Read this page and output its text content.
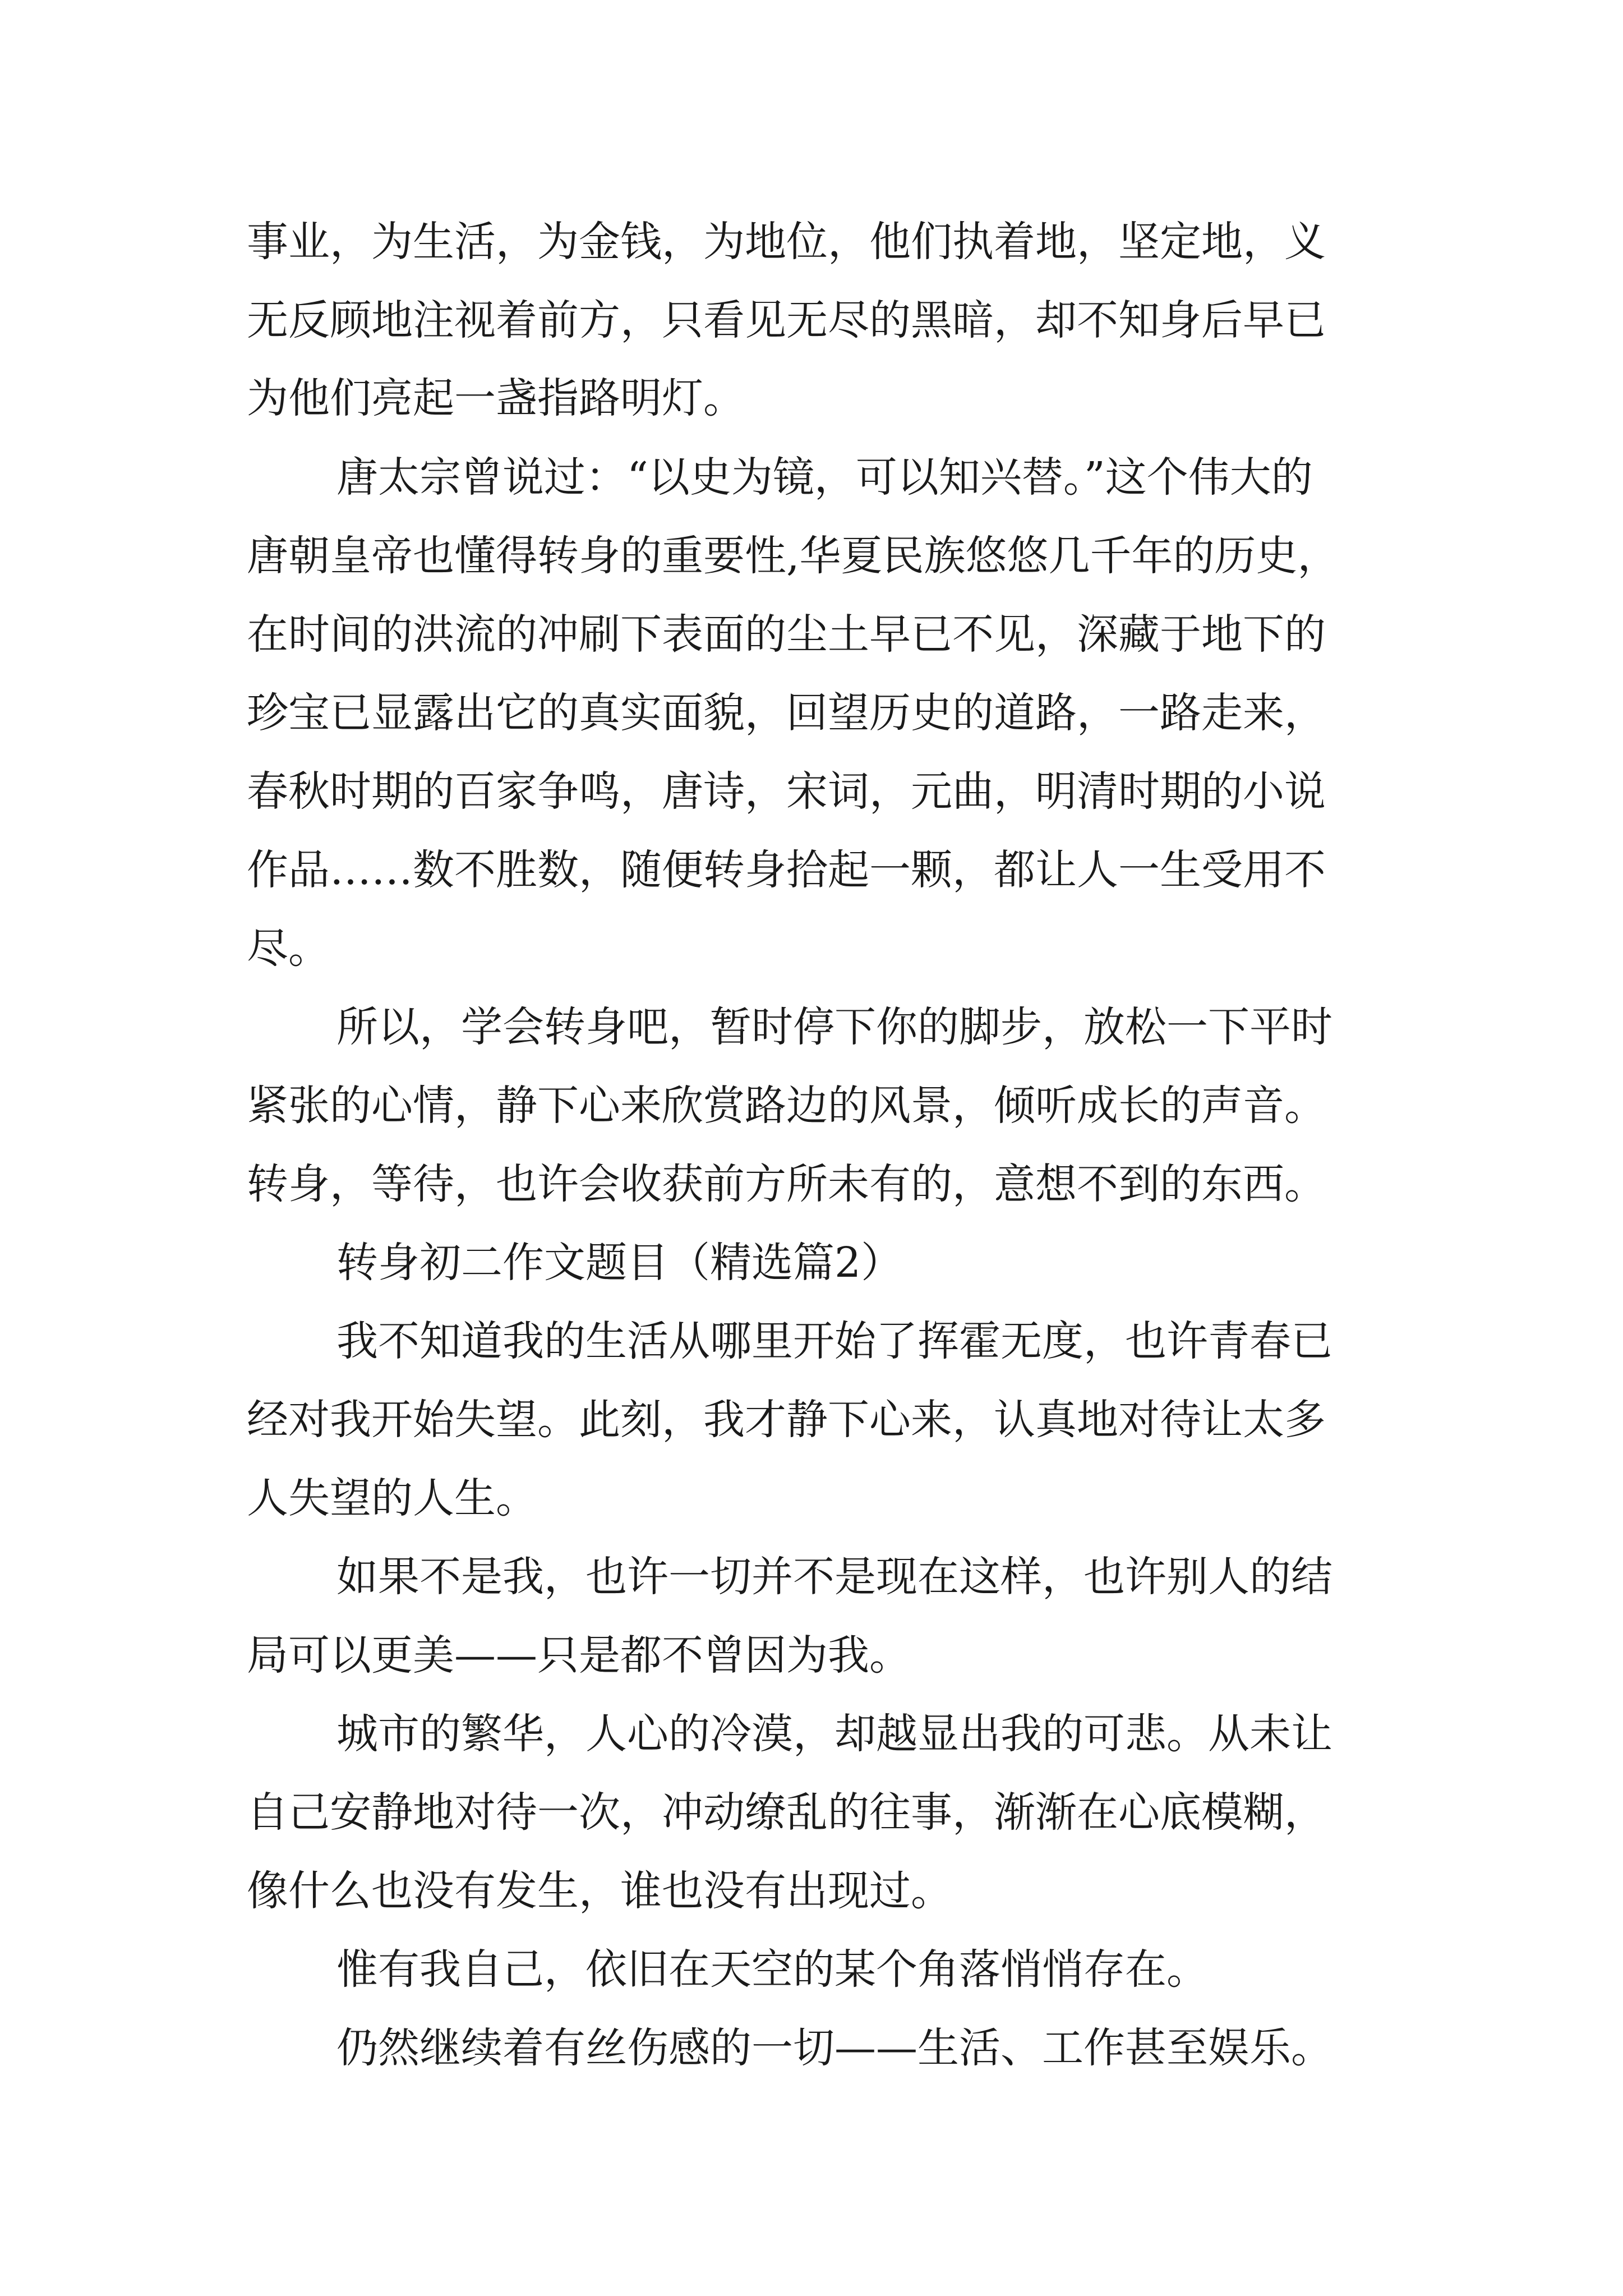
事业，为生活，为金钱，为地位，他们执着地，坚定地，义
无反顾地注视着前方，只看见无尽的黑暗，却不知身后早已
为他们亮起一盏指路明灯。
唐太宗曾说过：“以史为镜，可以知兴替。”这个伟大的
唐朝皇帝也懂得转身的重要性,华夏民族悠悠几千年的历史，
在时间的洪流的冲刷下表面的尘土早已不见，深藏于地下的
珍宝已显露出它的真实面貌，回望历史的道路，一路走来，
春秋时期的百家争鸣，唐诗，宋词，元曲，明清时期的小说
作品……数不胜数，随便转身拾起一颗，都让人一生受用不
尽。
所以，学会转身吧，暂时停下你的脚步，放松一下平时
紧张的心情，静下心来欣赏路边的风景，倾听成长的声音。
转身，等待，也许会收获前方所未有的，意想不到的东西。
转身初二作文题目（精选篇2）
我不知道我的生活从哪里开始了挥霍无度，也许青春已
经对我开始失望。此刻，我才静下心来，认真地对待让太多
人失望的人生。
如果不是我，也许一切并不是现在这样，也许别人的结
局可以更美——只是都不曾因为我。
城市的繁华，人心的冷漠，却越显出我的可悲。从未让
自己安静地对待一次，冲动缭乱的往事，渐渐在心底模糊，
像什么也没有发生，谁也没有出现过。
惟有我自己，依旧在天空的某个角落悄悄存在。
仍然继续着有丝伤感的一切——生活、工作甚至娱乐。
